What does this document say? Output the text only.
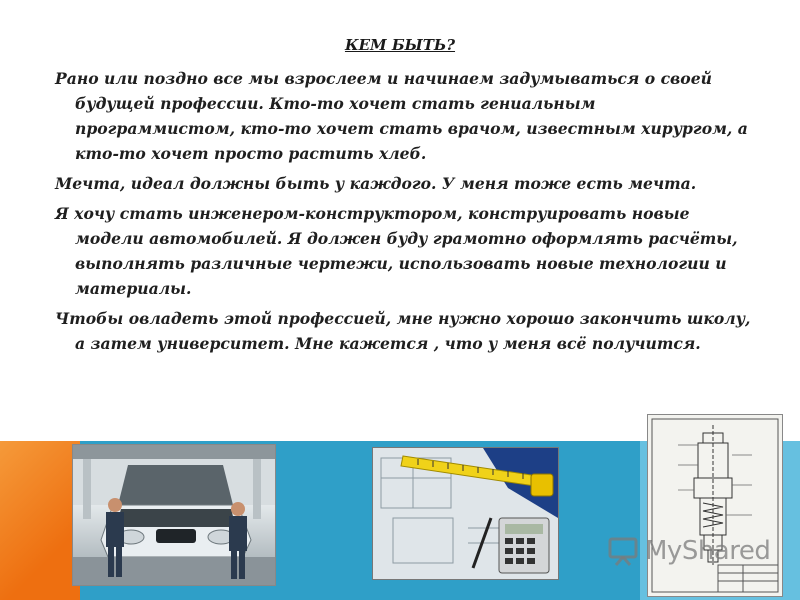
КЕМ БЫТЬ?

Рано или поздно все мы взрослеем и начинаем задумываться о своей будущей профессии. Кто-то хочет стать гениальным программистом, кто-то хочет стать врачом, известным хирургом, а кто-то хочет просто растить хлеб.

Мечта, идеал должны быть у каждого. У меня тоже есть мечта.

Я хочу стать инженером-конструктором, конструировать новые модели автомобилей. Я должен буду грамотно оформлять расчёты, выполнять различные чертежи, использовать новые технологии и материалы.

Чтобы овладеть этой профессией, мне нужно хорошо закончить школу, а затем университет. Мне кажется , что у меня всё получится.

MyShared
